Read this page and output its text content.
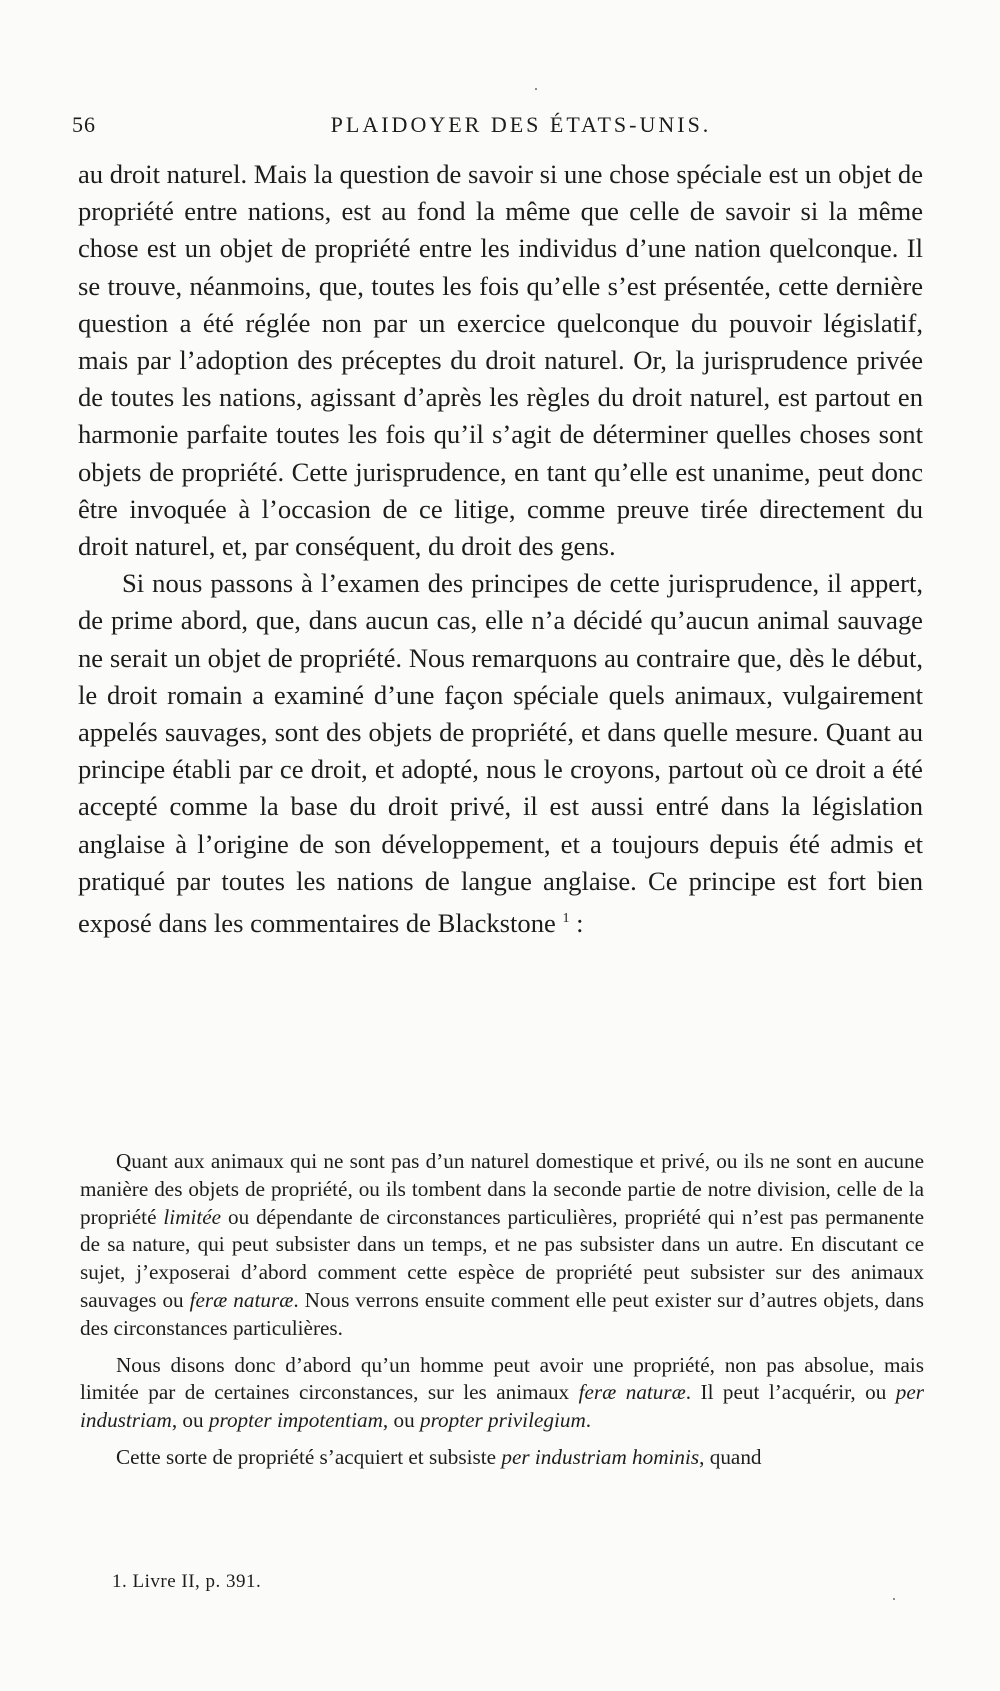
56	PLAIDOYER DES ÉTATS-UNIS.

au droit naturel. Mais la question de savoir si une chose spéciale est un objet de propriété entre nations, est au fond la même que celle de savoir si la même chose est un objet de propriété entre les individus d’une nation quelconque. Il se trouve, néanmoins, que, toutes les fois qu’elle s’est présentée, cette dernière question a été réglée non par un exercice quelconque du pouvoir législatif, mais par l’adoption des préceptes du droit naturel. Or, la jurisprudence privée de toutes les nations, agissant d’après les règles du droit naturel, est partout en harmonie parfaite toutes les fois qu’il s’agit de déterminer quelles choses sont objets de propriété. Cette jurisprudence, en tant qu’elle est unanime, peut donc être invoquée à l’occasion de ce litige, comme preuve tirée directement du droit naturel, et, par conséquent, du droit des gens.

Si nous passons à l’examen des principes de cette jurisprudence, il appert, de prime abord, que, dans aucun cas, elle n’a décidé qu’aucun animal sauvage ne serait un objet de propriété. Nous remarquons au contraire que, dès le début, le droit romain a examiné d’une façon spéciale quels animaux, vulgairement appelés sauvages, sont des objets de propriété, et dans quelle mesure. Quant au principe établi par ce droit, et adopté, nous le croyons, partout où ce droit a été accepté comme la base du droit privé, il est aussi entré dans la législation anglaise à l’origine de son développement, et a toujours depuis été admis et pratiqué par toutes les nations de langue anglaise. Ce principe est fort bien exposé dans les commentaires de Blackstone $^1$ :

Quant aux animaux qui ne sont pas d’un naturel domestique et privé, ou ils ne sont en aucune manière des objets de propriété, ou ils tombent dans la seconde partie de notre division, celle de la propriété limitée ou dépendante de circonstances particulières, propriété qui n’est pas permanente de sa nature, qui peut subsister dans un temps, et ne pas subsister dans un autre. En discutant ce sujet, j’exposerai d’abord comment cette espèce de propriété peut subsister sur des animaux sauvages ou feræ naturæ. Nous verrons ensuite comment elle peut exister sur d’autres objets, dans des circonstances particulières.

Nous disons donc d’abord qu’un homme peut avoir une propriété, non pas absolue, mais limitée par de certaines circonstances, sur les animaux feræ naturæ. Il peut l’acquérir, ou per industriam, ou propter impotentiam, ou propter privilegium.

Cette sorte de propriété s’acquiert et subsiste per industriam hominis, quand

1. Livre II, p. 391.
